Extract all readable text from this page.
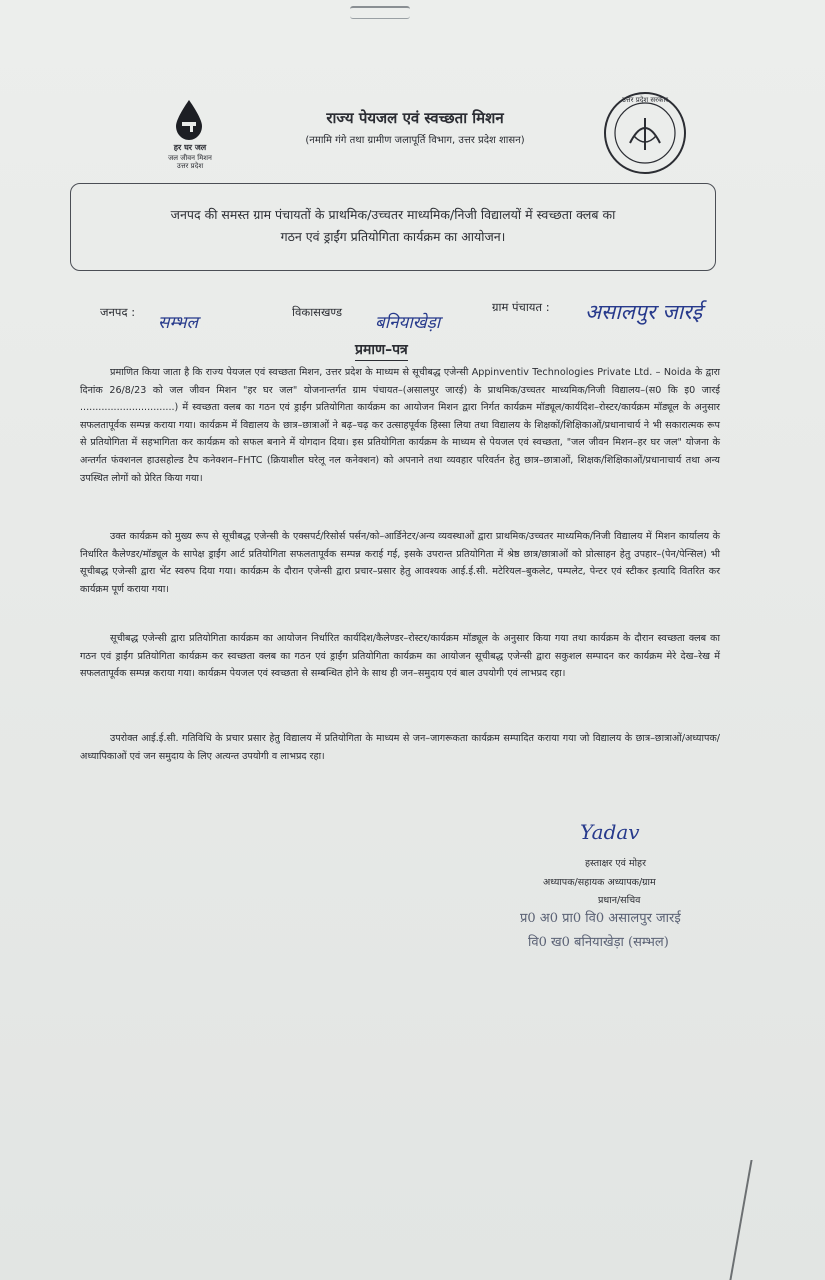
हर घर जल
जल जीवन मिशन
उत्तर प्रदेश
राज्य पेयजल एवं स्वच्छता मिशन
(नमामि गंगे तथा ग्रामीण जलापूर्ति विभाग, उत्तर प्रदेश शासन)
उत्तर प्रदेश सरकार
जनपद की समस्त ग्राम पंचायतों के प्राथमिक/उच्चतर माध्यमिक/निजी विद्यालयों में स्वच्छता क्लब का
गठन एवं ड्राईंग प्रतियोगिता कार्यक्रम का आयोजन।
जनपद :
सम्भल
विकासखण्ड
बनियाखेड़ा
ग्राम पंचायत : असालपुर जारई
प्रमाण–पत्र
प्रमाणित किया जाता है कि राज्य पेयजल एवं स्वच्छता मिशन, उत्तर प्रदेश के माध्यम से सूचीबद्ध एजेन्सी Appinventiv Technologies Private Ltd. – Noida के द्वारा दिनांक 26/8/23 को जल जीवन मिशन "हर घर जल" योजनान्तर्गत ग्राम पंचायत–(असालपुर जारई) के प्राथमिक/उच्चतर माध्यमिक/निजी विद्यालय–(स0 कि इ0 जारई ...............................) में स्वच्छता क्लब का गठन एवं ड्राईंग प्रतियोगिता कार्यक्रम का आयोजन मिशन द्वारा निर्गत कार्यक्रम मॉड्यूल/कार्यदिश–रोस्टर/कार्यक्रम मॉड्यूल के अनुसार सफलतापूर्वक सम्पन्न कराया गया। कार्यक्रम में विद्यालय के छात्र–छात्राओं ने बढ़–चढ़ कर उत्साहपूर्वक हिस्सा लिया तथा विद्यालय के शिक्षकों/शिक्षिकाओं/प्रधानाचार्य ने भी सकारात्मक रूप से प्रतियोगिता में सहभागिता कर कार्यक्रम को सफल बनाने में योगदान दिया। इस प्रतियोगिता कार्यक्रम के माध्यम से पेयजल एवं स्वच्छता, "जल जीवन मिशन–हर घर जल" योजना के अन्तर्गत फंक्शनल हाउसहोल्ड टैप कनेक्शन–FHTC (क्रियाशील घरेलू नल कनेक्शन) को अपनाने तथा व्यवहार परिवर्तन हेतु छात्र–छात्राओं, शिक्षक/शिक्षिकाओं/प्रधानाचार्य तथा अन्य उपस्थित लोगों को प्रेरित किया गया।
उक्त कार्यक्रम को मुख्य रूप से सूचीबद्ध एजेन्सी के एक्सपर्ट/रिसोर्स पर्सन/को–आर्डिनेटर/अन्य व्यवस्थाओं द्वारा प्राथमिक/उच्चतर माध्यमिक/निजी विद्यालय में मिशन कार्यालय के निर्धारित कैलेण्डर/मॉड्यूल के सापेक्ष ड्राईंग आर्ट प्रतियोगिता सफलतापूर्वक सम्पन्न कराई गई, इसके उपरान्त प्रतियोगिता में श्रेष्ठ छात्र/छात्राओं को प्रोत्साहन हेतु उपहार–(पेन/पेन्सिल) भी सूचीबद्ध एजेन्सी द्वारा भेंट स्वरुप दिया गया। कार्यक्रम के दौरान एजेन्सी द्वारा प्रचार–प्रसार हेतु आवश्यक आई.ई.सी. मटेरियल–बुकलेट, पम्पलेट, पेन्टर एवं स्टीकर इत्यादि वितरित कर कार्यक्रम पूर्ण कराया गया।
सूचीबद्ध एजेन्सी द्वारा प्रतियोगिता कार्यक्रम का आयोजन निर्धारित कार्यदिश/कैलेण्डर–रोस्टर/कार्यक्रम मॉड्यूल के अनुसार किया गया तथा कार्यक्रम के दौरान स्वच्छता क्लब का गठन एवं ड्राईंग प्रतियोगिता कार्यक्रम कर स्वच्छता क्लब का गठन एवं ड्राईंग प्रतियोगिता कार्यक्रम का आयोजन सूचीबद्ध एजेन्सी द्वारा सकुशल सम्पादन कर कार्यक्रम मेरे देख–रेख में सफलतापूर्वक सम्पन्न कराया गया। कार्यक्रम पेयजल एवं स्वच्छता से सम्बन्धित होने के साथ ही जन–समुदाय एवं बाल उपयोगी एवं लाभप्रद रहा।
उपरोक्त आई.ई.सी. गतिविधि के प्रचार प्रसार हेतु विद्यालय में प्रतियोगिता के माध्यम से जन–जागरूकता कार्यक्रम सम्पादित कराया गया जो विद्यालय के छात्र–छात्राओं/अध्यापक/अध्यापिकाओं एवं जन समुदाय के लिए अत्यन्त उपयोगी व लाभप्रद रहा।
Yadav
हस्ताक्षर एवं मोहर
अध्यापक/सहायक अध्यापक/ग्राम
प्रधान/सचिव
प्र0 अ0 प्रा0 वि0 असालपुर जारई
वि0 ख0 बनियाखेड़ा (सम्भल)
